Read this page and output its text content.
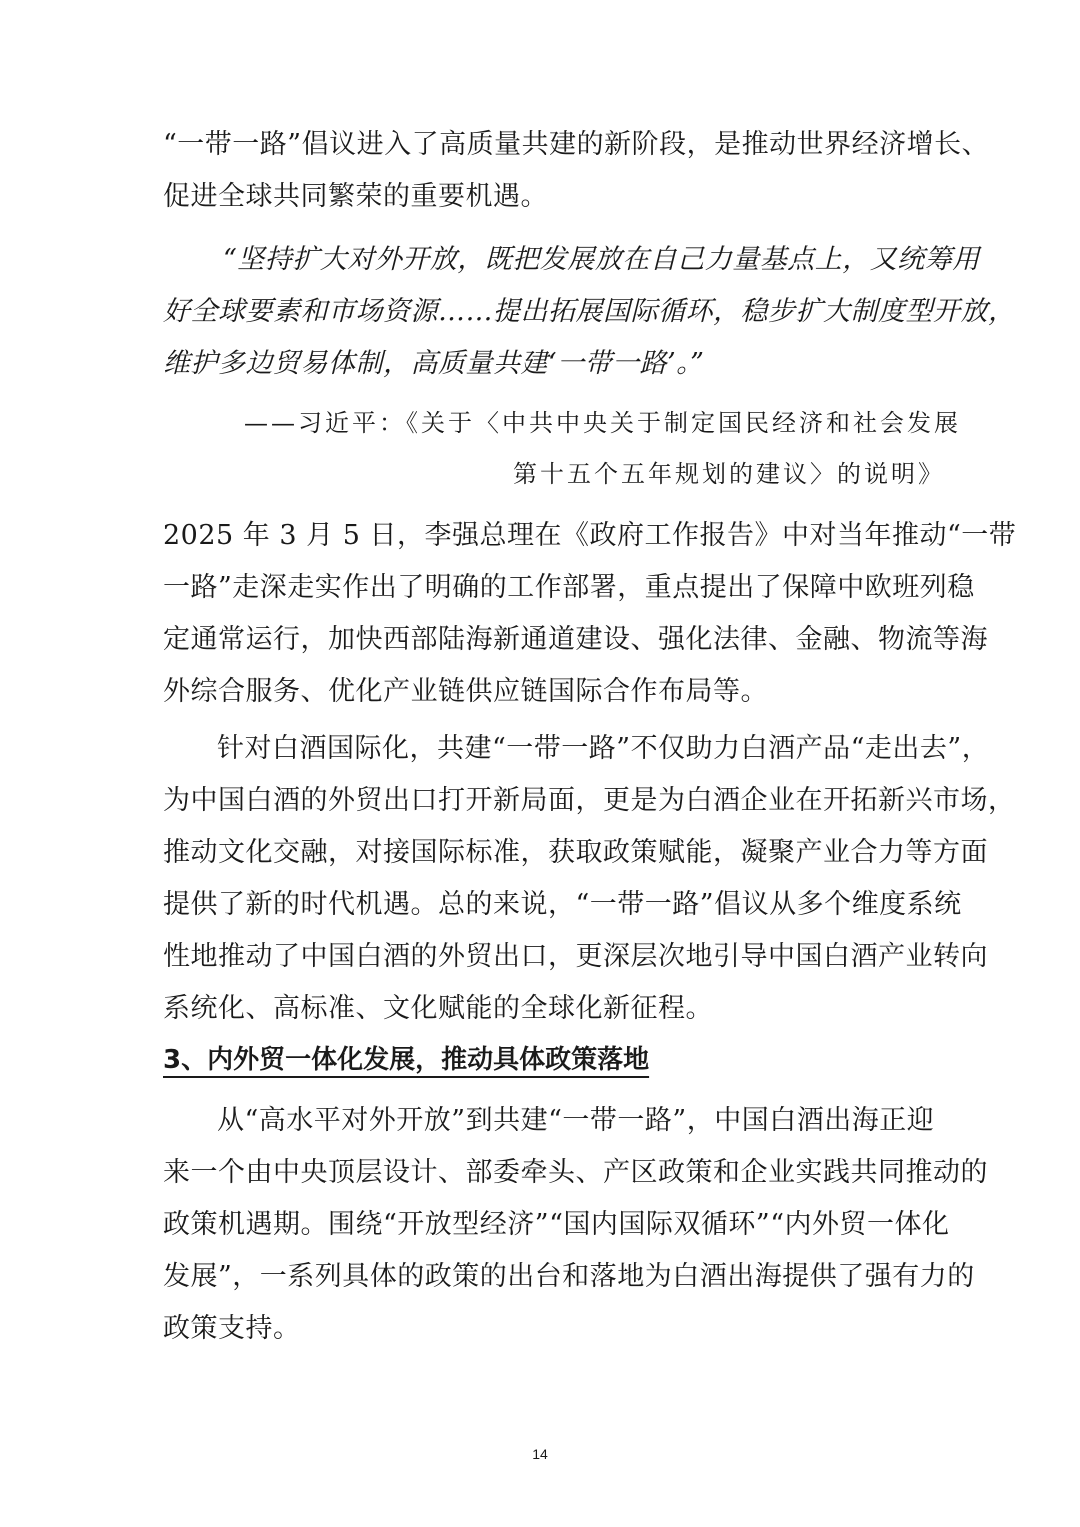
“一带一路”倡议进入了高质量共建的新阶段，是推动世界经济增长、
促进全球共同繁荣的重要机遇。
“坚持扩大对外开放，既把发展放在自己力量基点上，又统筹用
好全球要素和市场资源……提出拓展国际循环，稳步扩大制度型开放，
维护多边贸易体制，高质量共建‘一带一路’。”
——习近平：《关于〈中共中央关于制定国民经济和社会发展
第十五个五年规划的建议〉的说明》
2025 年 3 月 5 日，李强总理在《政府工作报告》中对当年推动“一带
一路”走深走实作出了明确的工作部署，重点提出了保障中欧班列稳
定通常运行，加快西部陆海新通道建设、强化法律、金融、物流等海
外综合服务、优化产业链供应链国际合作布局等。
针对白酒国际化，共建“一带一路”不仅助力白酒产品“走出去”，
为中国白酒的外贸出口打开新局面，更是为白酒企业在开拓新兴市场，
推动文化交融，对接国际标准，获取政策赋能，凝聚产业合力等方面
提供了新的时代机遇。总的来说，“一带一路”倡议从多个维度系统
性地推动了中国白酒的外贸出口，更深层次地引导中国白酒产业转向
系统化、高标准、文化赋能的全球化新征程。
3、内外贸一体化发展，推动具体政策落地
从“高水平对外开放”到共建“一带一路”，中国白酒出海正迎
来一个由中央顶层设计、部委牵头、产区政策和企业实践共同推动的
政策机遇期。围绕“开放型经济”“国内国际双循环”“内外贸一体化
发展”，一系列具体的政策的出台和落地为白酒出海提供了强有力的
政策支持。
14
